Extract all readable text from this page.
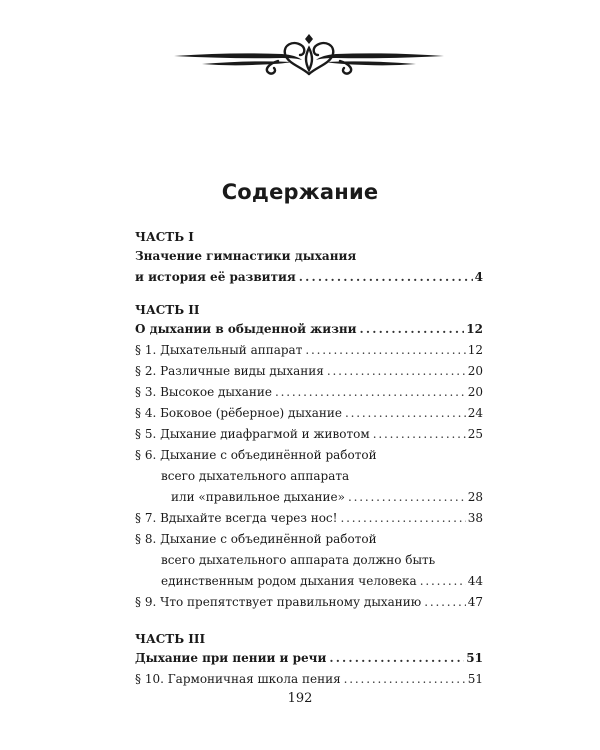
Содержание
ЧАСТЬ I
Значение гимнастики дыхания
и история её развития . . .	4
ЧАСТЬ II
О дыхании в обыденной жизни . . .	12
§ 1. Дыхательный аппарат . . .	12
§ 2. Различные виды дыхания . . .	20
§ 3. Высокое дыхание . . .	20
§ 4. Боковое (рёберное) дыхание . . .	24
§ 5. Дыхание диафрагмой и животом . . .	25
§ 6. Дыхание с объединённой работой
всего дыхательного аппарата
или «правильное дыхание» . . .	28
§ 7. Вдыхайте всегда через нос! . . .	38
§ 8. Дыхание с объединённой работой
всего дыхательного аппарата должно быть
единственным родом дыхания человека . . .	44
§ 9. Что препятствует правильному дыханию . . .	47
ЧАСТЬ III
Дыхание при пении и речи . . .	51
§ 10. Гармоничная школа пения . . .	51
192
